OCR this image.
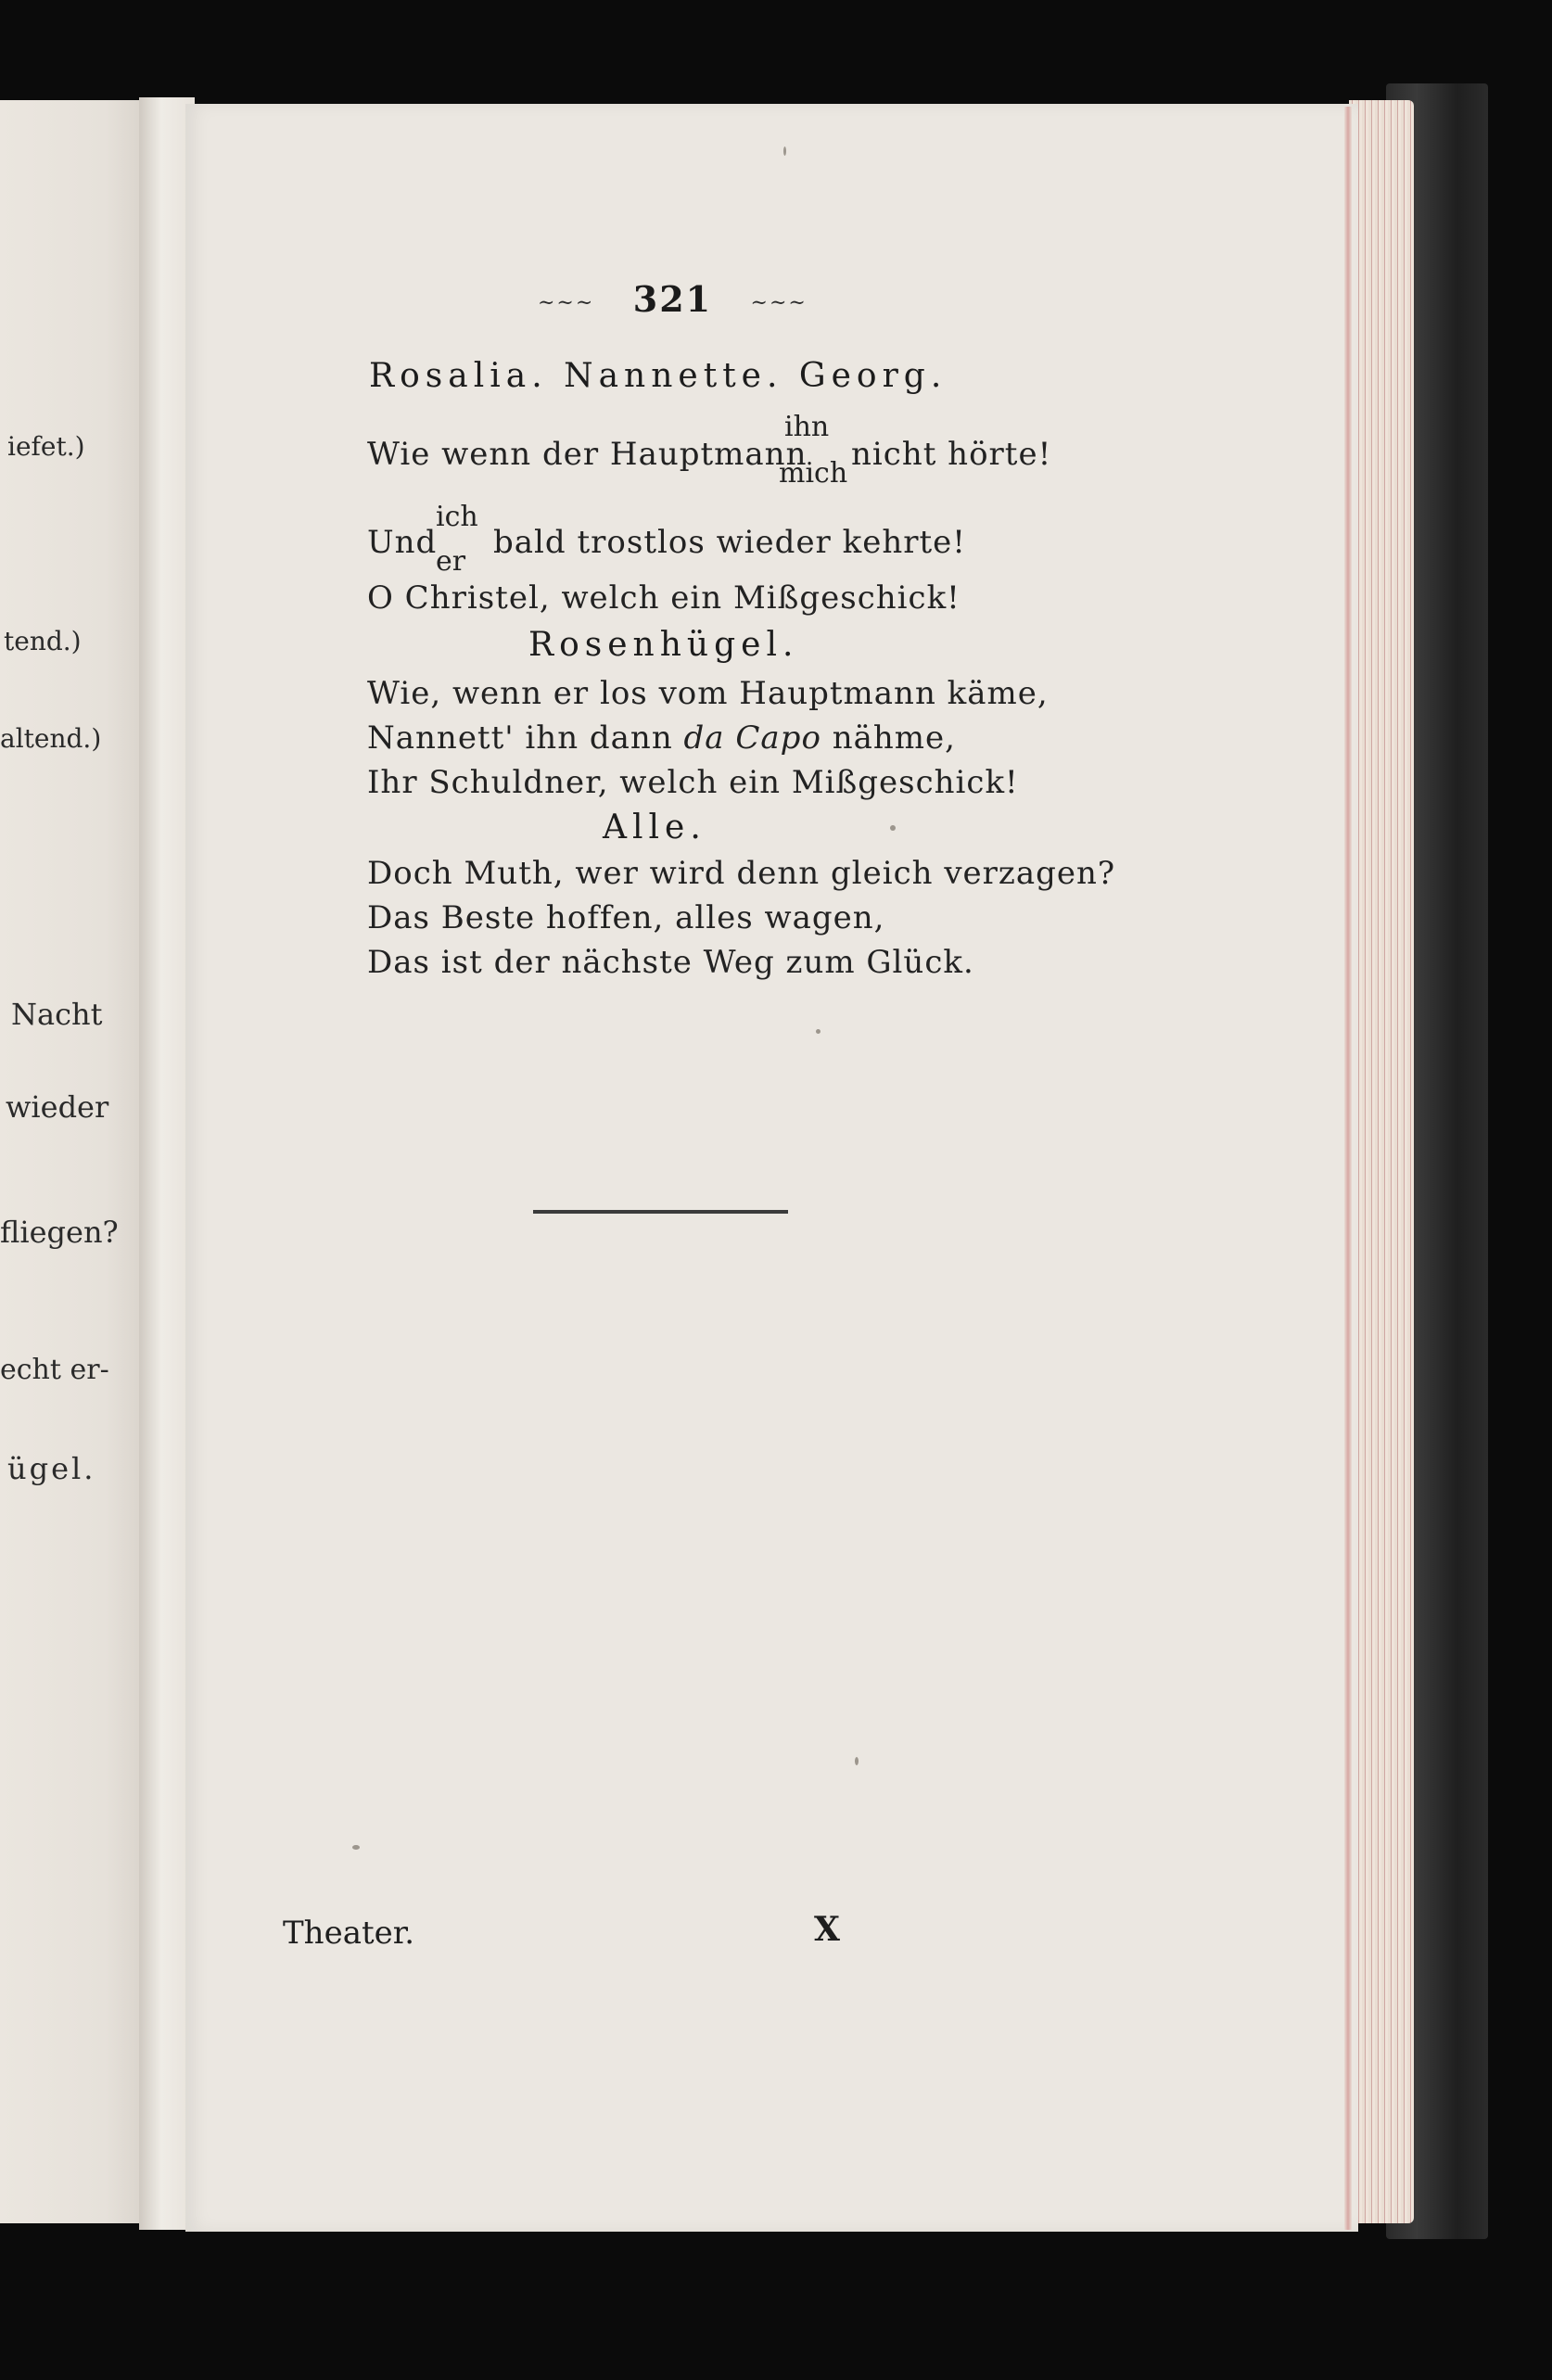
iefet.)
tend.)
altend.)
Nacht
wieder
fliegen?
echt er-
ügel.
~~~ 321 ~~~
Rosalia. Nannette. Georg.
Wie wenn der Hauptmann
ihn
mich
nicht hörte!
Und
ich
er
bald trostlos wieder kehrte!
O Christel, welch ein Mißgeschick!
Rosenhügel.
Wie, wenn er los vom Hauptmann käme,
Nannett' ihn dann da Capo nähme,
Ihr Schuldner, welch ein Mißgeschick!
Alle.
Doch Muth, wer wird denn gleich verzagen?
Das Beste hoffen, alles wagen,
Das ist der nächste Weg zum Glück.
Theater.	X
